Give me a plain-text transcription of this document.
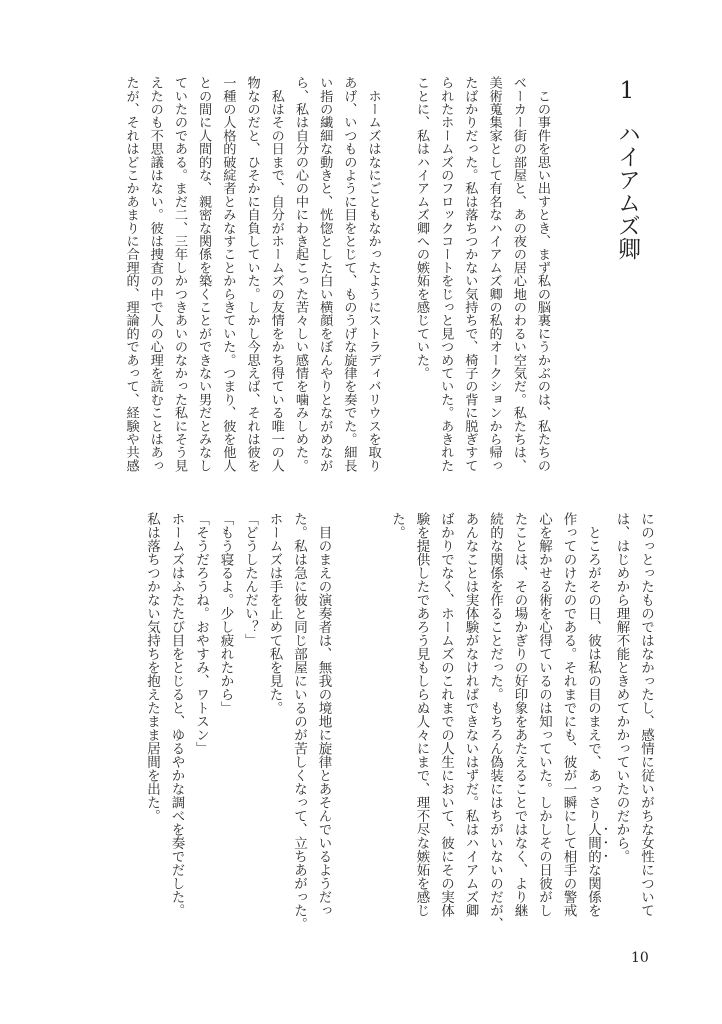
1ハイアムズ卿
　この事件を思い出すとき、まず私の脳裏にうかぶのは、私たちの
ベーカー街の部屋と、あの夜の居心地のわるい空気だ。私たちは、
美術蒐集家として有名なハイアムズ卿の私的オークションから帰っ
たばかりだった。私は落ちつかない気持ちで、椅子の背に脱ぎすて
られたホームズのフロックコートをじっと見つめていた。あきれた
ことに、私はハイアムズ卿への嫉妬を感じていた。
　ホームズはなにごともなかったようにストラディバリウスを取り
あげ、いつものように目をとじて、ものうげな旋律を奏でた。細長
い指の繊細な動きと、恍惚とした白い横顔をぼんやりとながめなが
ら、私は自分の心の中にわき起こった苦々しい感情を噛みしめた。
　私はその日まで、自分がホームズの友情をかち得ている唯一の人
物なのだと、ひそかに自負していた。しかし今思えば、それは彼を
一種の人格的破綻者とみなすことからきていた。つまり、彼を他人
との間に人間的な、親密な関係を築くことができない男だとみなし
ていたのである。まだ二、三年しかつきあいのなかった私にそう見
えたのも不思議はない。彼は捜査の中で人の心理を読むことはあっ
たが、それはどこかあまりに合理的、理論的であって、経験や共感
にのっとったものではなかったし、感情に従いがちな女性について
は、はじめから理解不能ときめてかかっていたのだから。
　ところがその日、彼は私の目のまえで、あっさり人間的な関係を
作ってのけたのである。それまでにも、彼が一瞬にして相手の警戒
心を解かせる術を心得ているのは知っていた。しかしその日彼がし
たことは、その場かぎりの好印象をあたえることではなく、より継
続的な関係を作ることだった。もちろん偽装にはちがいないのだが、
あんなことは実体験がなければできないはずだ。私はハイアムズ卿
ばかりでなく、ホームズのこれまでの人生において、彼にその実体
験を提供したであろう見もしらぬ人々にまで、理不尽な嫉妬を感じ
た。
　目のまえの演奏者は、無我の境地に旋律とあそんでいるようだっ
た。私は急に彼と同じ部屋にいるのが苦しくなって、立ちあがった。
ホームズは手を止めて私を見た。
「どうしたんだい？」
「もう寝るよ。少し疲れたから」
「そうだろうね。おやすみ、ワトスン」
ホームズはふたたび目をとじると、ゆるやかな調べを奏でだした。
私は落ちつかない気持ちを抱えたまま居間を出た。
10
